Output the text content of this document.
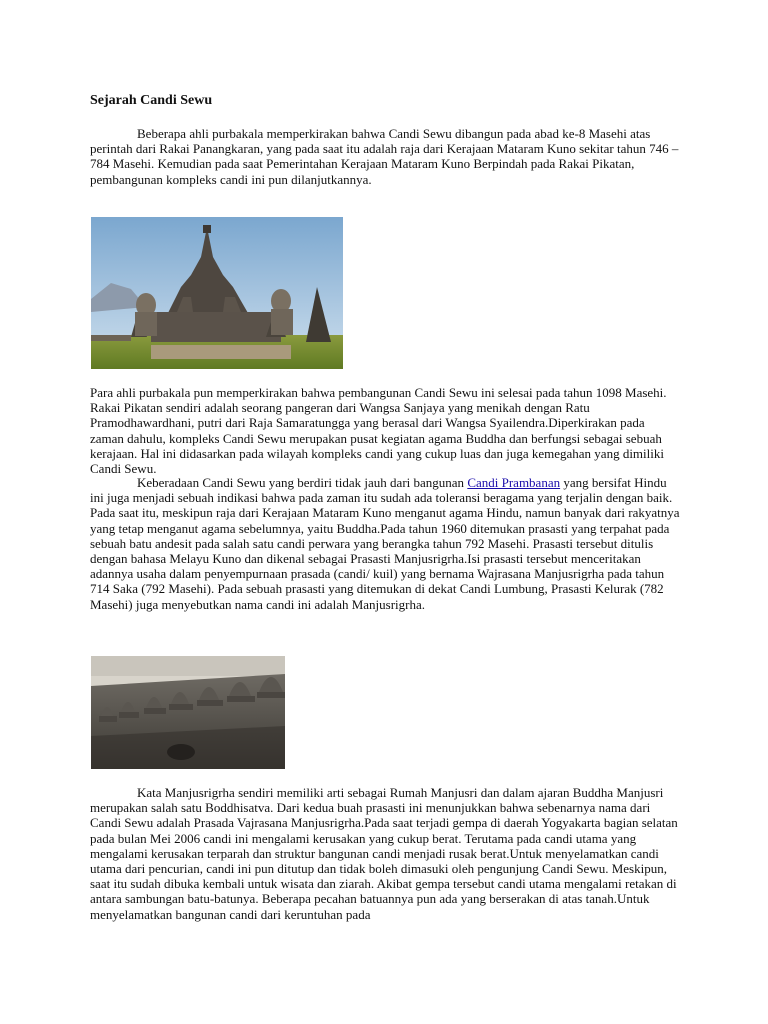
Sejarah Candi Sewu

Beberapa ahli purbakala memperkirakan bahwa Candi Sewu dibangun pada abad ke-8 Masehi atas perintah dari Rakai Panangkaran, yang pada saat itu adalah raja dari Kerajaan Mataram Kuno sekitar tahun 746 – 784 Masehi. Kemudian pada saat Pemerintahan Kerajaan Mataram Kuno Berpindah pada Rakai Pikatan, pembangunan kompleks candi ini pun dilanjutkannya.

Para ahli purbakala pun memperkirakan bahwa pembangunan Candi Sewu ini selesai pada tahun 1098 Masehi. Rakai Pikatan sendiri adalah seorang pangeran dari Wangsa Sanjaya yang menikah dengan Ratu Pramodhawardhani, putri dari Raja Samaratungga yang berasal dari Wangsa Syailendra.Diperkirakan pada zaman dahulu, kompleks Candi Sewu merupakan pusat kegiatan agama Buddha dan berfungsi sebagai sebuah kerajaan. Hal ini didasarkan pada wilayah kompleks candi yang cukup luas dan juga kemegahan yang dimiliki Candi Sewu.

Keberadaan Candi Sewu yang berdiri tidak jauh dari bangunan Candi Prambanan yang bersifat Hindu ini juga menjadi sebuah indikasi bahwa pada zaman itu sudah ada toleransi beragama yang terjalin dengan baik. Pada saat itu, meskipun raja dari Kerajaan Mataram Kuno menganut agama Hindu, namun banyak dari rakyatnya yang tetap menganut agama sebelumnya, yaitu Buddha.Pada tahun 1960 ditemukan prasasti yang terpahat pada sebuah batu andesit pada salah satu candi perwara yang berangka tahun 792 Masehi. Prasasti tersebut ditulis dengan bahasa Melayu Kuno dan dikenal sebagai Prasasti Manjusrigrha.Isi prasasti tersebut menceritakan adannya usaha dalam penyempurnaan prasada (candi/ kuil) yang bernama Wajrasana Manjusrigrha pada tahun 714 Saka (792 Masehi). Pada sebuah prasasti yang ditemukan di dekat Candi Lumbung, Prasasti Kelurak (782 Masehi) juga menyebutkan nama candi ini adalah Manjusrigrha.

Kata Manjusrigrha sendiri memiliki arti sebagai Rumah Manjusri dan dalam ajaran Buddha Manjusri merupakan salah satu Boddhisatva. Dari kedua buah prasasti ini menunjukkan bahwa sebenarnya nama dari Candi Sewu adalah Prasada Vajrasana Manjusrigrha.Pada saat terjadi gempa di daerah Yogyakarta bagian selatan pada bulan Mei 2006 candi ini mengalami kerusakan yang cukup berat. Terutama pada candi utama yang mengalami kerusakan terparah dan struktur bangunan candi menjadi rusak berat.Untuk menyelamatkan candi utama dari pencurian, candi ini pun ditutup dan tidak boleh dimasuki oleh pengunjung Candi Sewu. Meskipun, saat itu sudah dibuka kembali untuk wisata dan ziarah. Akibat gempa tersebut candi utama mengalami retakan di antara sambungan batu-batunya. Beberapa pecahan batuannya pun ada yang berserakan di atas tanah.Untuk menyelamatkan bangunan candi dari keruntuhan pada
